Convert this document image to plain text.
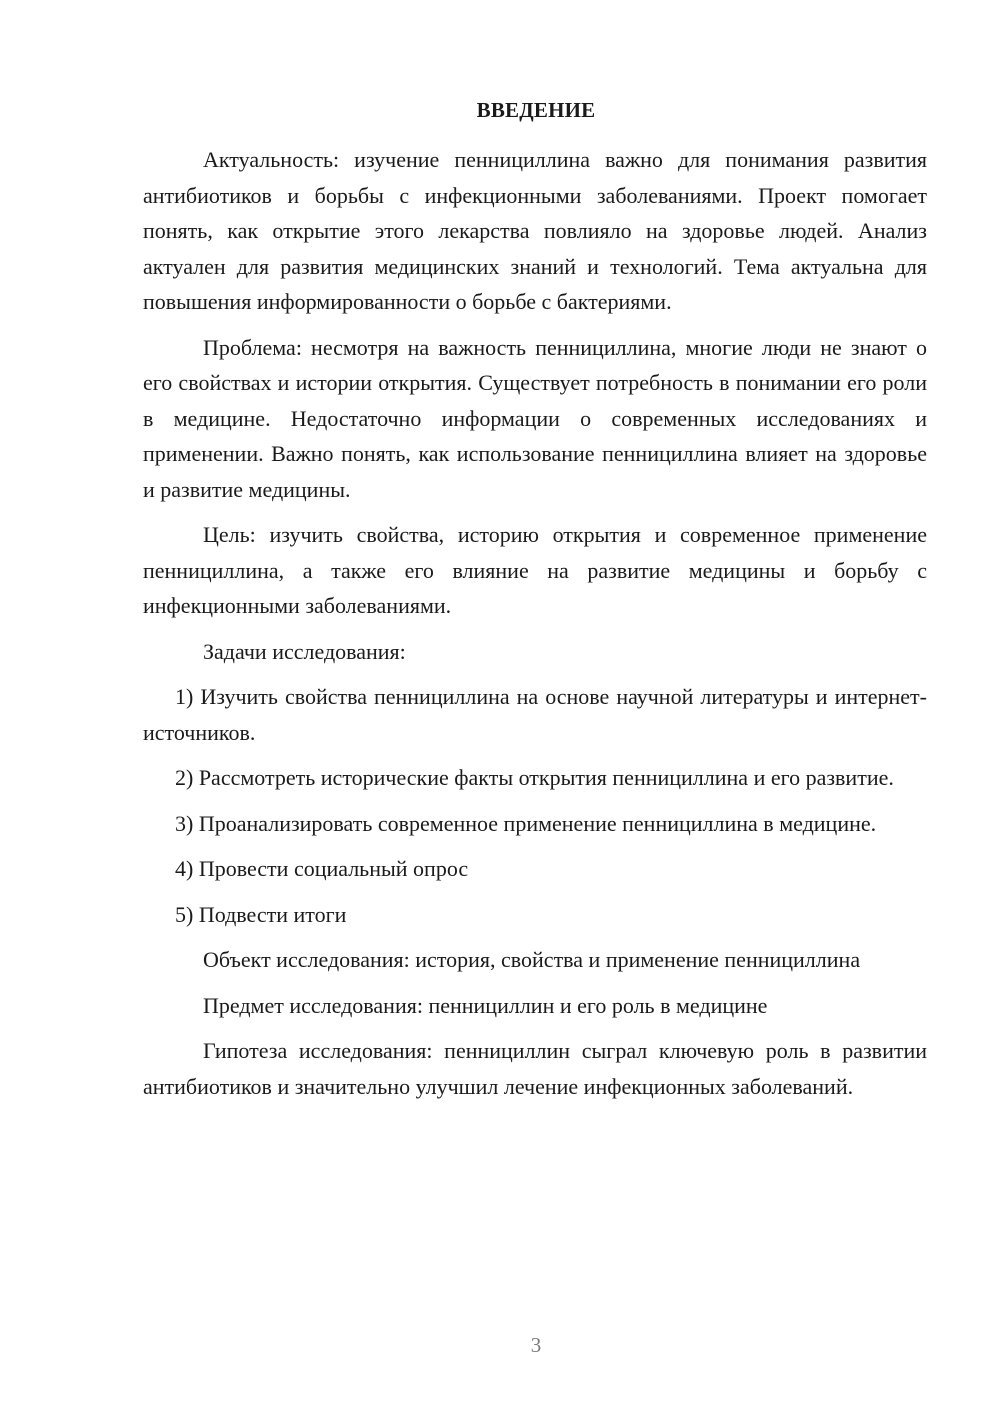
ВВЕДЕНИЕ

Актуальность: изучение пеннициллина важно для понимания развития антибиотиков и борьбы с инфекционными заболеваниями. Проект помогает понять, как открытие этого лекарства повлияло на здоровье людей. Анализ актуален для развития медицинских знаний и технологий. Тема актуальна для повышения информированности о борьбе с бактериями.

Проблема: несмотря на важность пеннициллина, многие люди не знают о его свойствах и истории открытия. Существует потребность в понимании его роли в медицине. Недостаточно информации о современных исследованиях и применении. Важно понять, как использование пеннициллина влияет на здоровье и развитие медицины.

Цель: изучить свойства, историю открытия и современное применение пеннициллина, а также его влияние на развитие медицины и борьбу с инфекционными заболеваниями.

Задачи исследования:

1) Изучить свойства пеннициллина на основе научной литературы и интернет-источников.

2) Рассмотреть исторические факты открытия пеннициллина и его развитие.

3) Проанализировать современное применение пеннициллина в медицине.

4) Провести социальный опрос

5) Подвести итоги

Объект исследования: история, свойства и применение пеннициллина

Предмет исследования: пеннициллин и его роль в медицине

Гипотеза исследования: пеннициллин сыграл ключевую роль в развитии антибиотиков и значительно улучшил лечение инфекционных заболеваний.

3
